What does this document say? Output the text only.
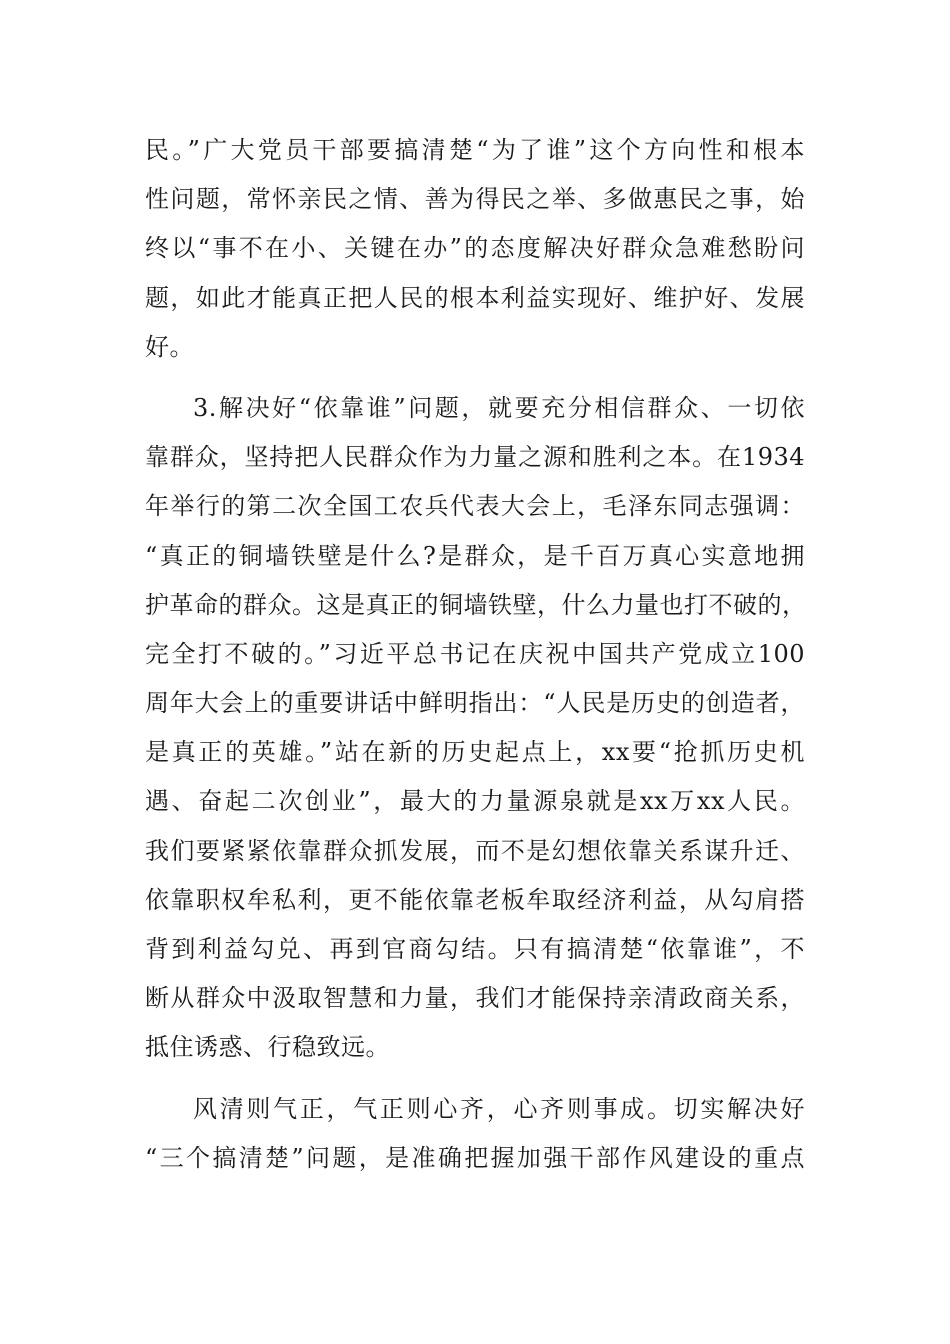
民。”广大党员干部要搞清楚“为了谁”这个方向性和根本
性问题，常怀亲民之情、善为得民之举、多做惠民之事，始
终以“事不在小、关键在办”的态度解决好群众急难愁盼问
题，如此才能真正把人民的根本利益实现好、维护好、发展
好。
3.解决好“依靠谁”问题，就要充分相信群众、一切依
靠群众，坚持把人民群众作为力量之源和胜利之本。在1934
年举行的第二次全国工农兵代表大会上，毛泽东同志强调：
“真正的铜墙铁壁是什么?是群众，是千百万真心实意地拥
护革命的群众。这是真正的铜墙铁壁，什么力量也打不破的，
完全打不破的。”习近平总书记在庆祝中国共产党成立100
周年大会上的重要讲话中鲜明指出：“人民是历史的创造者，
是真正的英雄。”站在新的历史起点上，xx要“抢抓历史机
遇、奋起二次创业”，最大的力量源泉就是xx万xx人民。
我们要紧紧依靠群众抓发展，而不是幻想依靠关系谋升迁、
依靠职权牟私利，更不能依靠老板牟取经济利益，从勾肩搭
背到利益勾兑、再到官商勾结。只有搞清楚“依靠谁”，不
断从群众中汲取智慧和力量，我们才能保持亲清政商关系，
抵住诱惑、行稳致远。
风清则气正，气正则心齐，心齐则事成。切实解决好
“三个搞清楚”问题，是准确把握加强干部作风建设的重点
